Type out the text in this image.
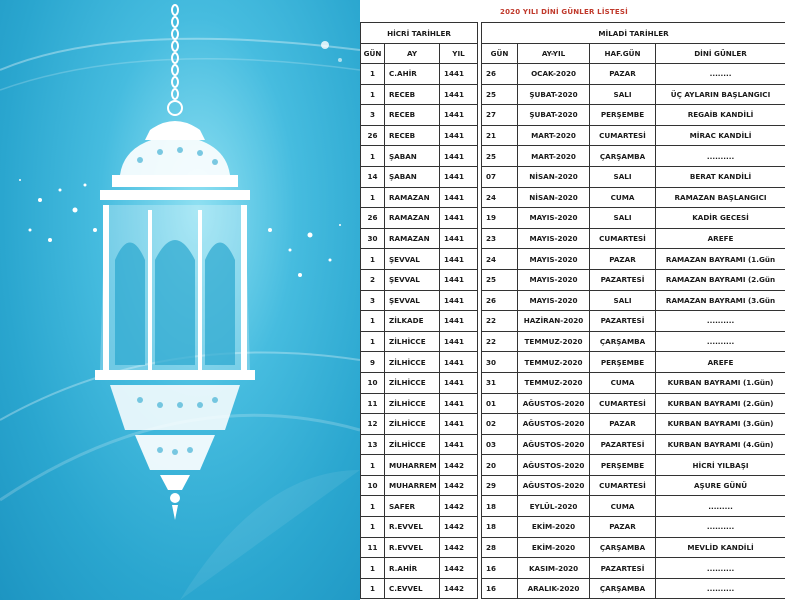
2020 YILI DİNİ GÜNLER LİSTESİ
HİCRİ TARİHLER				MİLADİ TARİHLER			
GÜN	AY	YIL		GÜN	AY-YIL	HAF.GÜN	DİNİ GÜNLER
1	C.AHİR	1441		26	OCAK-2020	PAZAR	........
1	RECEB	1441		25	ŞUBAT-2020	SALI	ÜÇ AYLARIN BAŞLANGICI
3	RECEB	1441		27	ŞUBAT-2020	PERŞEMBE	REGAİB KANDİLİ
26	RECEB	1441		21	MART-2020	CUMARTESİ	MİRAC KANDİLİ
1	ŞABAN	1441		25	MART-2020	ÇARŞAMBA	..........
14	ŞABAN	1441		07	NİSAN-2020	SALI	BERAT KANDİLİ
1	RAMAZAN	1441		24	NİSAN-2020	CUMA	RAMAZAN BAŞLANGICI
26	RAMAZAN	1441		19	MAYIS-2020	SALI	KADİR GECESİ
30	RAMAZAN	1441		23	MAYIS-2020	CUMARTESİ	AREFE
1	ŞEVVAL	1441		24	MAYIS-2020	PAZAR	RAMAZAN BAYRAMI (1.Gün
2	ŞEVVAL	1441		25	MAYIS-2020	PAZARTESİ	RAMAZAN BAYRAMI (2.Gün
3	ŞEVVAL	1441		26	MAYIS-2020	SALI	RAMAZAN BAYRAMI (3.Gün
1	ZİLKADE	1441		22	HAZİRAN-2020	PAZARTESİ	..........
1	ZİLHİCCE	1441		22	TEMMUZ-2020	ÇARŞAMBA	..........
9	ZİLHİCCE	1441		30	TEMMUZ-2020	PERŞEMBE	AREFE
10	ZİLHİCCE	1441		31	TEMMUZ-2020	CUMA	KURBAN BAYRAMI (1.Gün)
11	ZİLHİCCE	1441		01	AĞUSTOS-2020	CUMARTESİ	KURBAN BAYRAMI (2.Gün)
12	ZİLHİCCE	1441		02	AĞUSTOS-2020	PAZAR	KURBAN BAYRAMI (3.Gün)
13	ZİLHİCCE	1441		03	AĞUSTOS-2020	PAZARTESİ	KURBAN BAYRAMI (4.Gün)
1	MUHARREM	1442		20	AĞUSTOS-2020	PERŞEMBE	HİCRİ YILBAŞI
10	MUHARREM	1442		29	AĞUSTOS-2020	CUMARTESİ	AŞURE GÜNÜ
1	SAFER	1442		18	EYLÜL-2020	CUMA	.........
1	R.EVVEL	1442		18	EKİM-2020	PAZAR	..........
11	R.EVVEL	1442		28	EKİM-2020	ÇARŞAMBA	MEVLİD KANDİLİ
1	R.AHİR	1442		16	KASIM-2020	PAZARTESİ	..........
1	C.EVVEL	1442		16	ARALIK-2020	ÇARŞAMBA	..........
